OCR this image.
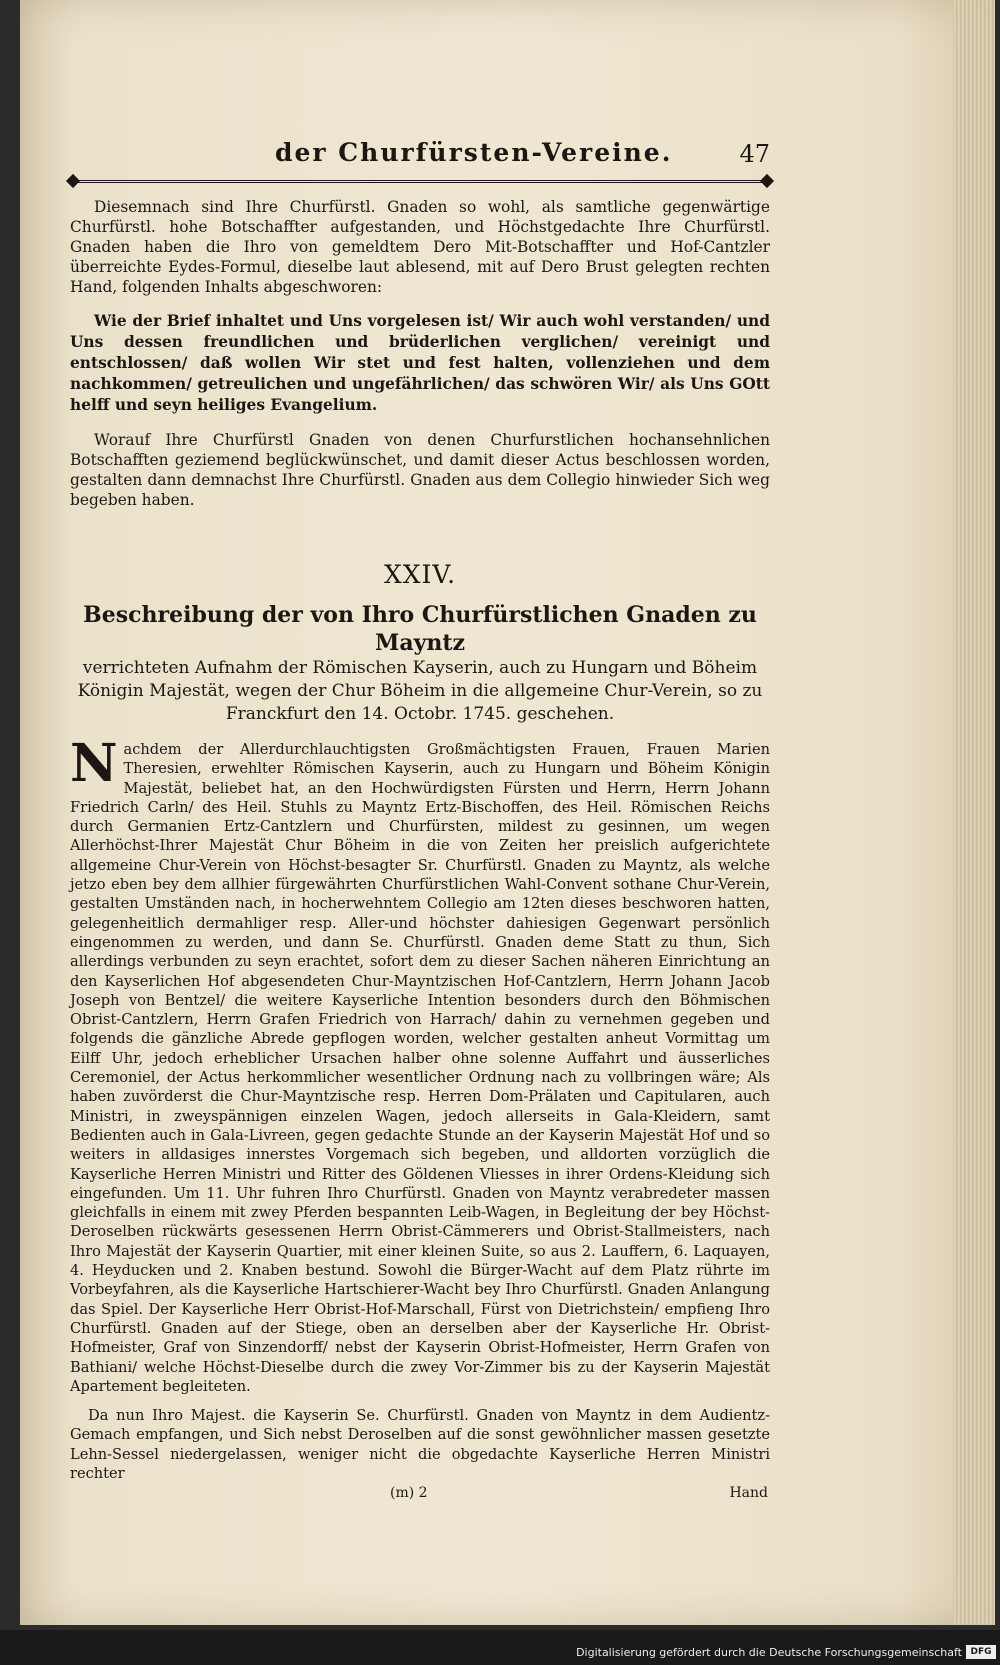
der Churfürsten-Vereine.	47

Diesemnach sind Ihre Churfürstl. Gnaden so wohl, als samtliche gegenwärtige Churfürstl. hohe Botschaffter aufgestanden, und Höchstgedachte Ihre Churfürstl. Gnaden haben die Ihro von gemeldtem Dero Mit-Botschaffter und Hof-Cantzler überreichte Eydes-Formul, dieselbe laut ablesend, mit auf Dero Brust gelegten rechten Hand, folgenden Inhalts abgeschworen:

Wie der Brief inhaltet und Uns vorgelesen ist/ Wir auch wohl verstanden/ und Uns dessen freundlichen und brüderlichen verglichen/ vereinigt und entschlossen/ daß wollen Wir stet und fest halten, vollenziehen und dem nachkommen/ getreulichen und ungefährlichen/ das schwören Wir/ als Uns GOtt helff und seyn heiliges Evangelium.

Worauf Ihre Churfürstl Gnaden von denen Churfurstlichen hochansehnlichen Botschafften geziemend beglückwünschet, und damit dieser Actus beschlossen worden, gestalten dann demnachst Ihre Churfürstl. Gnaden aus dem Collegio hinwieder Sich weg begeben haben.

XXIV.
Beschreibung der von Ihro Churfürstlichen Gnaden zu Mayntz
verrichteten Aufnahm der Römischen Kayserin, auch zu Hungarn und Böheim Königin Majestät, wegen der Chur Böheim in die allgemeine Chur-Verein, so zu Franckfurt den 14. Octobr. 1745. geschehen.

Nachdem der Allerdurchlauchtigsten Großmächtigsten Frauen, Frauen Marien Theresien, erwehlter Römischen Kayserin, auch zu Hungarn und Böheim Königin Majestät, beliebet hat, an den Hochwürdigsten Fürsten und Herrn, Herrn Johann Friedrich Carln/ des Heil. Stuhls zu Mayntz Ertz-Bischoffen, des Heil. Römischen Reichs durch Germanien Ertz-Cantzlern und Churfürsten, mildest zu gesinnen, um wegen Allerhöchst-Ihrer Majestät Chur Böheim in die von Zeiten her preislich aufgerichtete allgemeine Chur-Verein von Höchst-besagter Sr. Churfürstl. Gnaden zu Mayntz, als welche jetzo eben bey dem allhier fürgewährten Churfürstlichen Wahl-Convent sothane Chur-Verein, gestalten Umständen nach, in hocherwehntem Collegio am 12ten dieses beschworen hatten, gelegenheitlich dermahliger resp. Aller-und höchster dahiesigen Gegenwart persönlich eingenommen zu werden, und dann Se. Churfürstl. Gnaden deme Statt zu thun, Sich allerdings verbunden zu seyn erachtet, sofort dem zu dieser Sachen näheren Einrichtung an den Kayserlichen Hof abgesendeten Chur-Mayntzischen Hof-Cantzlern, Herrn Johann Jacob Joseph von Bentzel/ die weitere Kayserliche Intention besonders durch den Böhmischen Obrist-Cantzlern, Herrn Grafen Friedrich von Harrach/ dahin zu vernehmen gegeben und folgends die gänzliche Abrede gepflogen worden, welcher gestalten anheut Vormittag um Eilff Uhr, jedoch erheblicher Ursachen halber ohne solenne Auffahrt und äusserliches Ceremoniel, der Actus herkommlicher wesentlicher Ordnung nach zu vollbringen wäre; Als haben zuvörderst die Chur-Mayntzische resp. Herren Dom-Prälaten und Capitularen, auch Ministri, in zweyspännigen einzelen Wagen, jedoch allerseits in Gala-Kleidern, samt Bedienten auch in Gala-Livreen, gegen gedachte Stunde an der Kayserin Majestät Hof und so weiters in alldasiges innerstes Vorgemach sich begeben, und alldorten vorzüglich die Kayserliche Herren Ministri und Ritter des Göldenen Vliesses in ihrer Ordens-Kleidung sich eingefunden. Um 11. Uhr fuhren Ihro Churfürstl. Gnaden von Mayntz verabredeter massen gleichfalls in einem mit zwey Pferden bespannten Leib-Wagen, in Begleitung der bey Höchst-Deroselben rückwärts gesessenen Herrn Obrist-Cämmerers und Obrist-Stallmeisters, nach Ihro Majestät der Kayserin Quartier, mit einer kleinen Suite, so aus 2. Lauffern, 6. Laquayen, 4. Heyducken und 2. Knaben bestund. Sowohl die Bürger-Wacht auf dem Platz rührte im Vorbeyfahren, als die Kayserliche Hartschierer-Wacht bey Ihro Churfürstl. Gnaden Anlangung das Spiel. Der Kayserliche Herr Obrist-Hof-Marschall, Fürst von Dietrichstein/ empfieng Ihro Churfürstl. Gnaden auf der Stiege, oben an derselben aber der Kayserliche Hr. Obrist-Hofmeister, Graf von Sinzendorff/ nebst der Kayserin Obrist-Hofmeister, Herrn Grafen von Bathiani/ welche Höchst-Dieselbe durch die zwey Vor-Zimmer bis zu der Kayserin Majestät Apartement begleiteten.

Da nun Ihro Majest. die Kayserin Se. Churfürstl. Gnaden von Mayntz in dem Audientz-Gemach empfangen, und Sich nebst Deroselben auf die sonst gewöhnlicher massen gesetzte Lehn-Sessel niedergelassen, weniger nicht die obgedachte Kayserliche Herren Ministri rechter

(m) 2	Hand
Digitalisierung gefördert durch die Deutsche Forschungsgemeinschaft DFG
